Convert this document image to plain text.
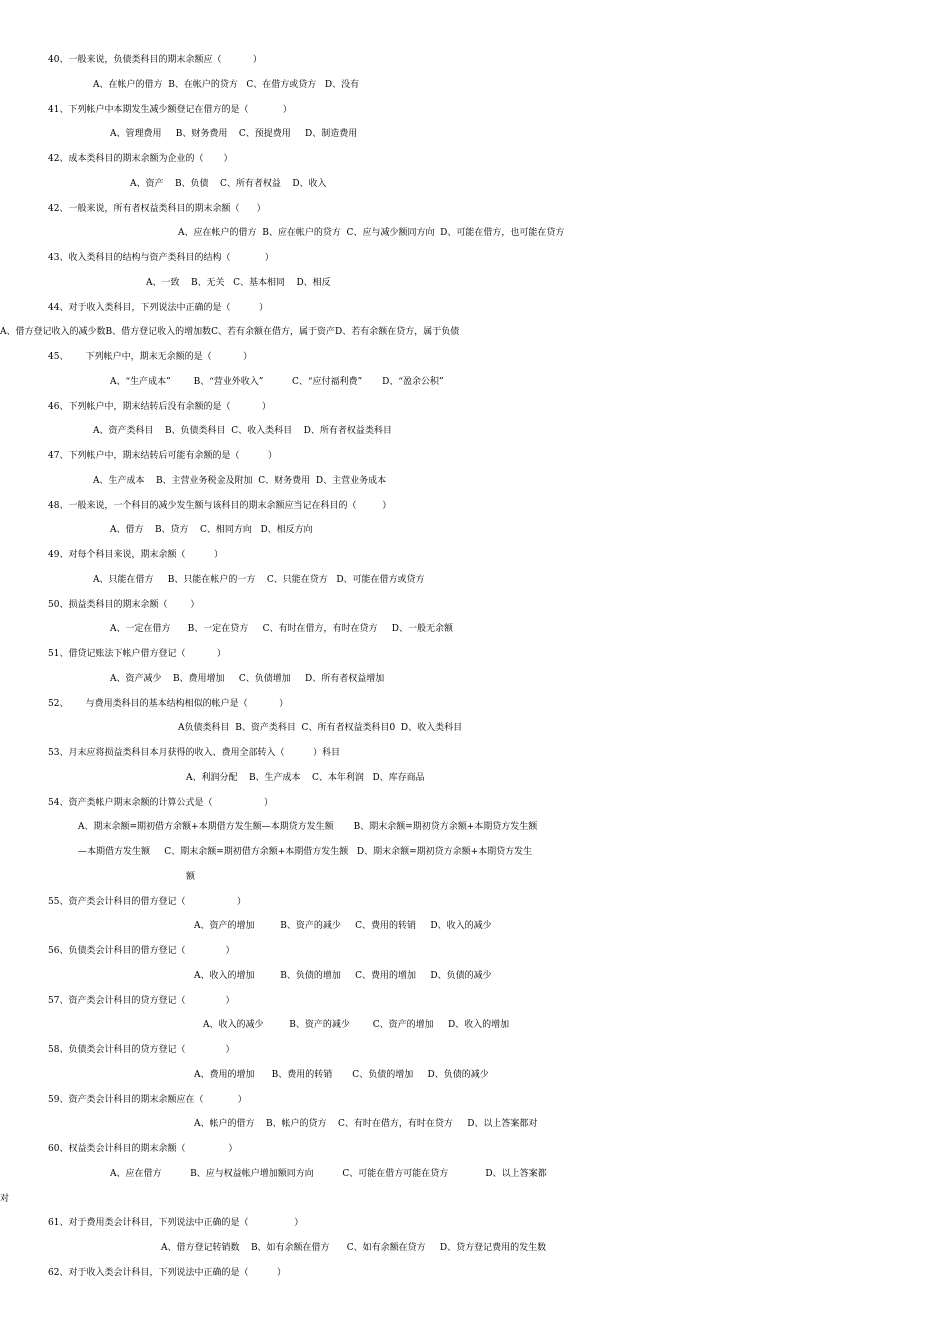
40、一般来说，负债类科目的期末余额应（           ）
A、在帐户的借方  B、在帐户的贷方   C、在借方或贷方   D、没有
41、下列帐户中本期发生减少额登记在借方的是（            ）
A、管理费用     B、财务费用    C、预提费用     D、制造费用
42、成本类科目的期末余额为企业的（       ）
A、资产    B、负债    C、所有者权益    D、收入
42、一般来说，所有者权益类科目的期末余额（      ）
A、应在帐户的借方  B、应在帐户的贷方  C、应与减少额同方向  D、可能在借方，也可能在贷方
43、收入类科目的结构与资产类科目的结构（            ）
A、一致    B、无关   C、基本相同    D、相反
44、对于收入类科目，下列说法中正确的是（          ）
A、借方登记收入的减少数B、借方登记收入的增加数C、若有余额在借方，属于资产D、若有余额在贷方，属于负债
45、      下列帐户中，期末无余额的是（           ）
A、“生产成本”        B、“营业外收入”          C、“应付福利费”       D、“盈余公积”
46、下列帐户中，期末结转后没有余额的是（           ）
A、资产类科目    B、负债类科目  C、收入类科目    D、所有者权益类科目
47、下列帐户中，期末结转后可能有余额的是（          ）
A、生产成本    B、主营业务税金及附加  C、财务费用  D、主营业务成本
48、一般来说，一个科目的减少发生额与该科目的期末余额应当记在科目的（         ）
A、借方    B、贷方    C、相同方向   D、相反方向
49、对每个科目来说，期末余额（          ）
A、只能在借方     B、只能在帐户的一方    C、只能在贷方   D、可能在借方或贷方
50、损益类科目的期末余额（        ）
A、一定在借方      B、一定在贷方     C、有时在借方，有时在贷方     D、一般无余额
51、借贷记账法下帐户借方登记（           ）
A、资产减少    B、费用增加     C、负债增加     D、所有者权益增加
52、      与费用类科目的基本结构相似的帐户是（           ）
A负债类科目  B、资产类科目  C、所有者权益类科目0  D、收入类科目
53、月末应将损益类科目本月获得的收入、费用全部转入（          ）科目
A、利润分配    B、生产成本    C、本年利润   D、库存商品
54、资产类帐户期末余额的计算公式是（                  ）
A、期末余额=期初借方余额+本期借方发生额—本期贷方发生额       B、期末余额=期初贷方余额+本期贷方发生额
—本期借方发生额     C、期末余额=期初借方余额+本期借方发生额   D、期末余额=期初贷方余额+本期贷方发生
额
55、资产类会计科目的借方登记（                  ）
A、资产的增加         B、资产的减少     C、费用的转销     D、收入的减少
56、负债类会计科目的借方登记（              ）
A、收入的增加         B、负债的增加     C、费用的增加     D、负债的减少
57、资产类会计科目的贷方登记（              ）
A、收入的减少         B、资产的减少        C、资产的增加     D、收入的增加
58、负债类会计科目的贷方登记（              ）
A、费用的增加      B、费用的转销       C、负债的增加     D、负债的减少
59、资产类会计科目的期末余额应在（            ）
A、帐户的借方    B、帐户的贷方    C、有时在借方，有时在贷方     D、以上答案都对
60、权益类会计科目的期末余额（               ）
A、应在借方          B、应与权益帐户增加额同方向          C、可能在借方可能在贷方             D、以上答案都
对
61、对于费用类会计科目，下列说法中正确的是（                ）
A、借方登记转销数    B、如有余额在借方      C、如有余额在贷方     D、贷方登记费用的发生数
62、对于收入类会计科目，下列说法中正确的是（          ）
